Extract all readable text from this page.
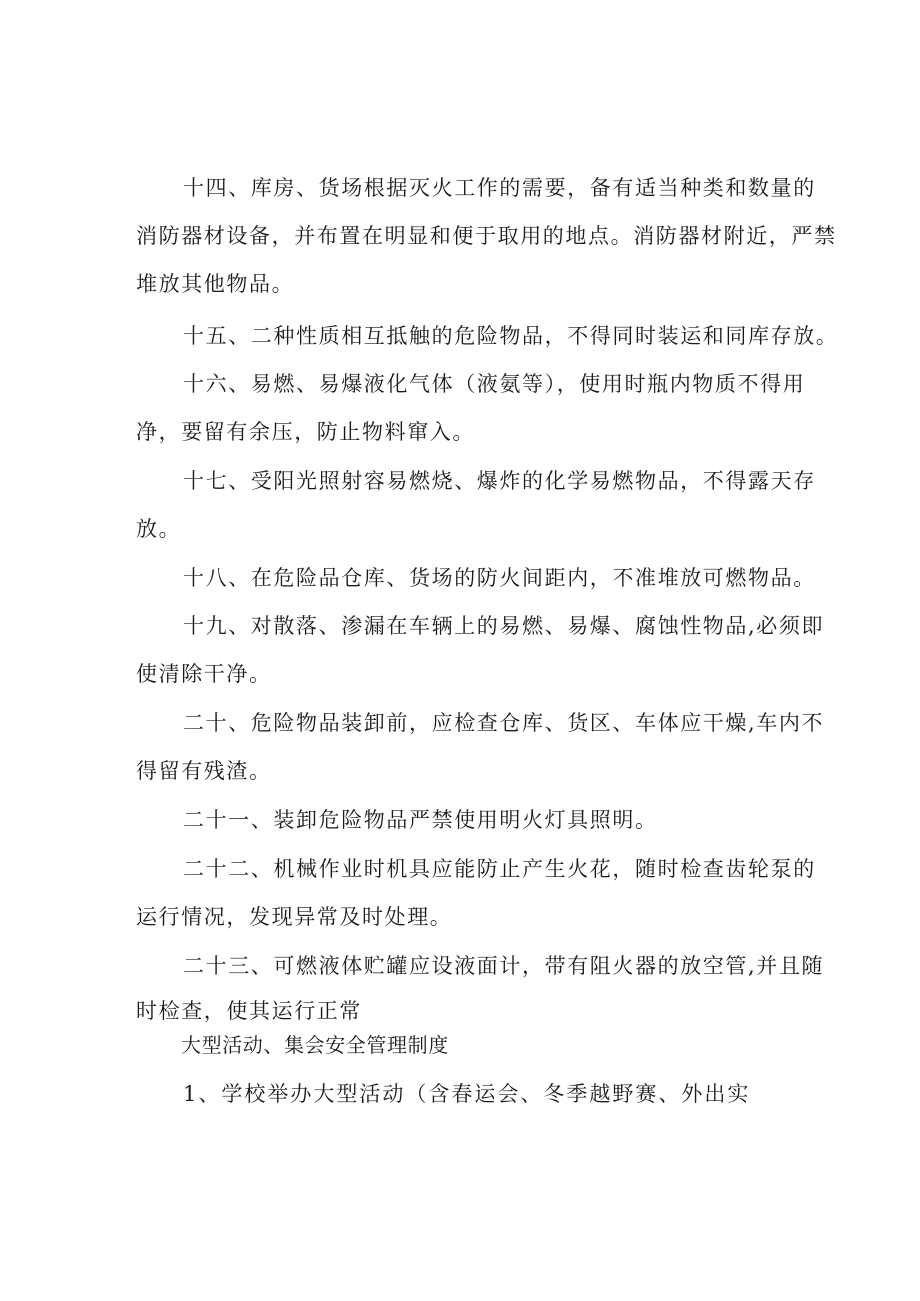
十四、库房、货场根据灭火工作的需要，备有适当种类和数量的
消防器材设备，并布置在明显和便于取用的地点。消防器材附近，严禁
堆放其他物品。
十五、二种性质相互抵触的危险物品，不得同时装运和同库存放。
十六、易燃、易爆液化气体（液氨等），使用时瓶内物质不得用
净，要留有余压，防止物料窜入。
十七、受阳光照射容易燃烧、爆炸的化学易燃物品，不得露天存
放。
十八、在危险品仓库、货场的防火间距内，不准堆放可燃物品。
十九、对散落、渗漏在车辆上的易燃、易爆、腐蚀性物品,必须即
使清除干净。
二十、危险物品装卸前，应检查仓库、货区、车体应干燥,车内不
得留有残渣。
二十一、装卸危险物品严禁使用明火灯具照明。
二十二、机械作业时机具应能防止产生火花，随时检查齿轮泵的
运行情况，发现异常及时处理。
二十三、可燃液体贮罐应设液面计，带有阻火器的放空管,并且随
时检查，使其运行正常
大型活动、集会安全管理制度
1、学校举办大型活动（含春运会、冬季越野赛、外出实
